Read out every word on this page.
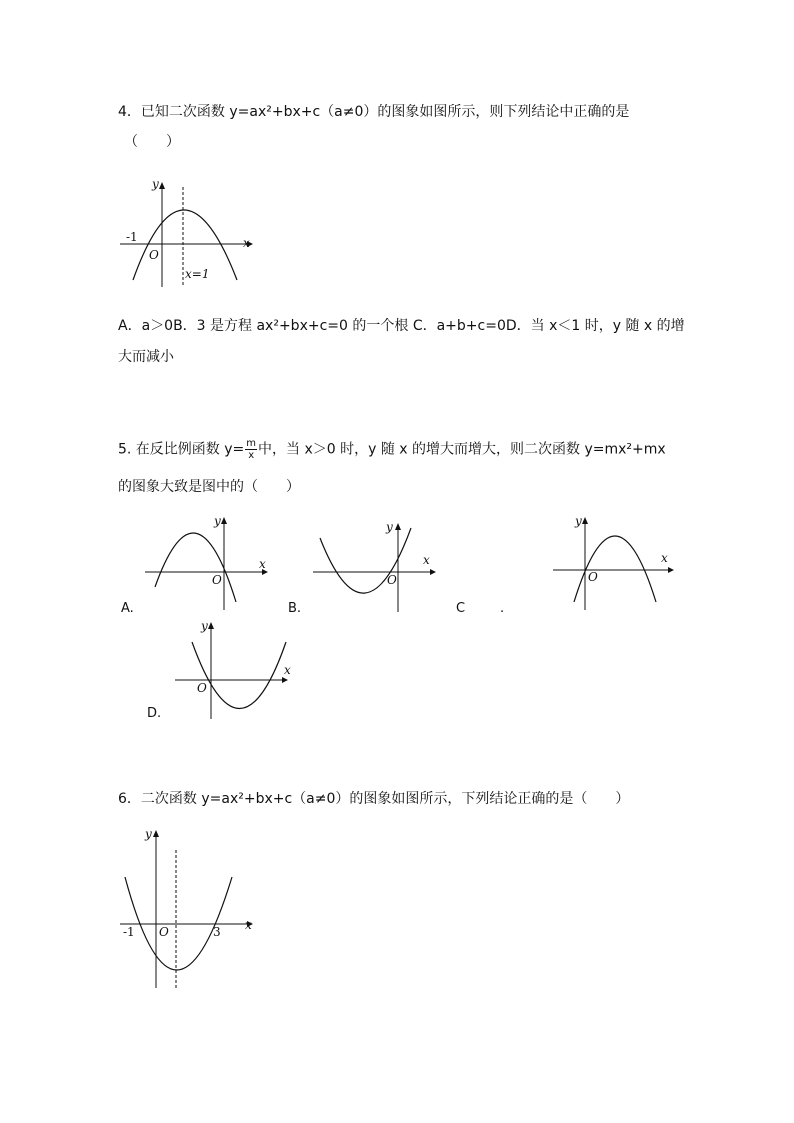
4．已知二次函数 y=ax²+bx+c（a≠0）的图象如图所示，则下列结论中正确的是
（　　）
y
x
O
-1
x=1
A．a＞0B．3 是方程 ax²+bx+c=0 的一个根 C．a+b+c=0D．当 x＜1 时，y 随 x 的增
大而减小
5. 在反比例函数 $y= \frac{m}{x}$ 中，当 x＞0 时，y 随 x 的增大而增大，则二次函数 y=mx²+mx
的图象大致是图中的（　　）
y
x
O
A.
y
x
O
B.
y
x
O
C	.
y
x
O
D.
6．二次函数 y=ax²+bx+c（a≠0）的图象如图所示，下列结论正确的是（　　）
y
x
O
-1	3
